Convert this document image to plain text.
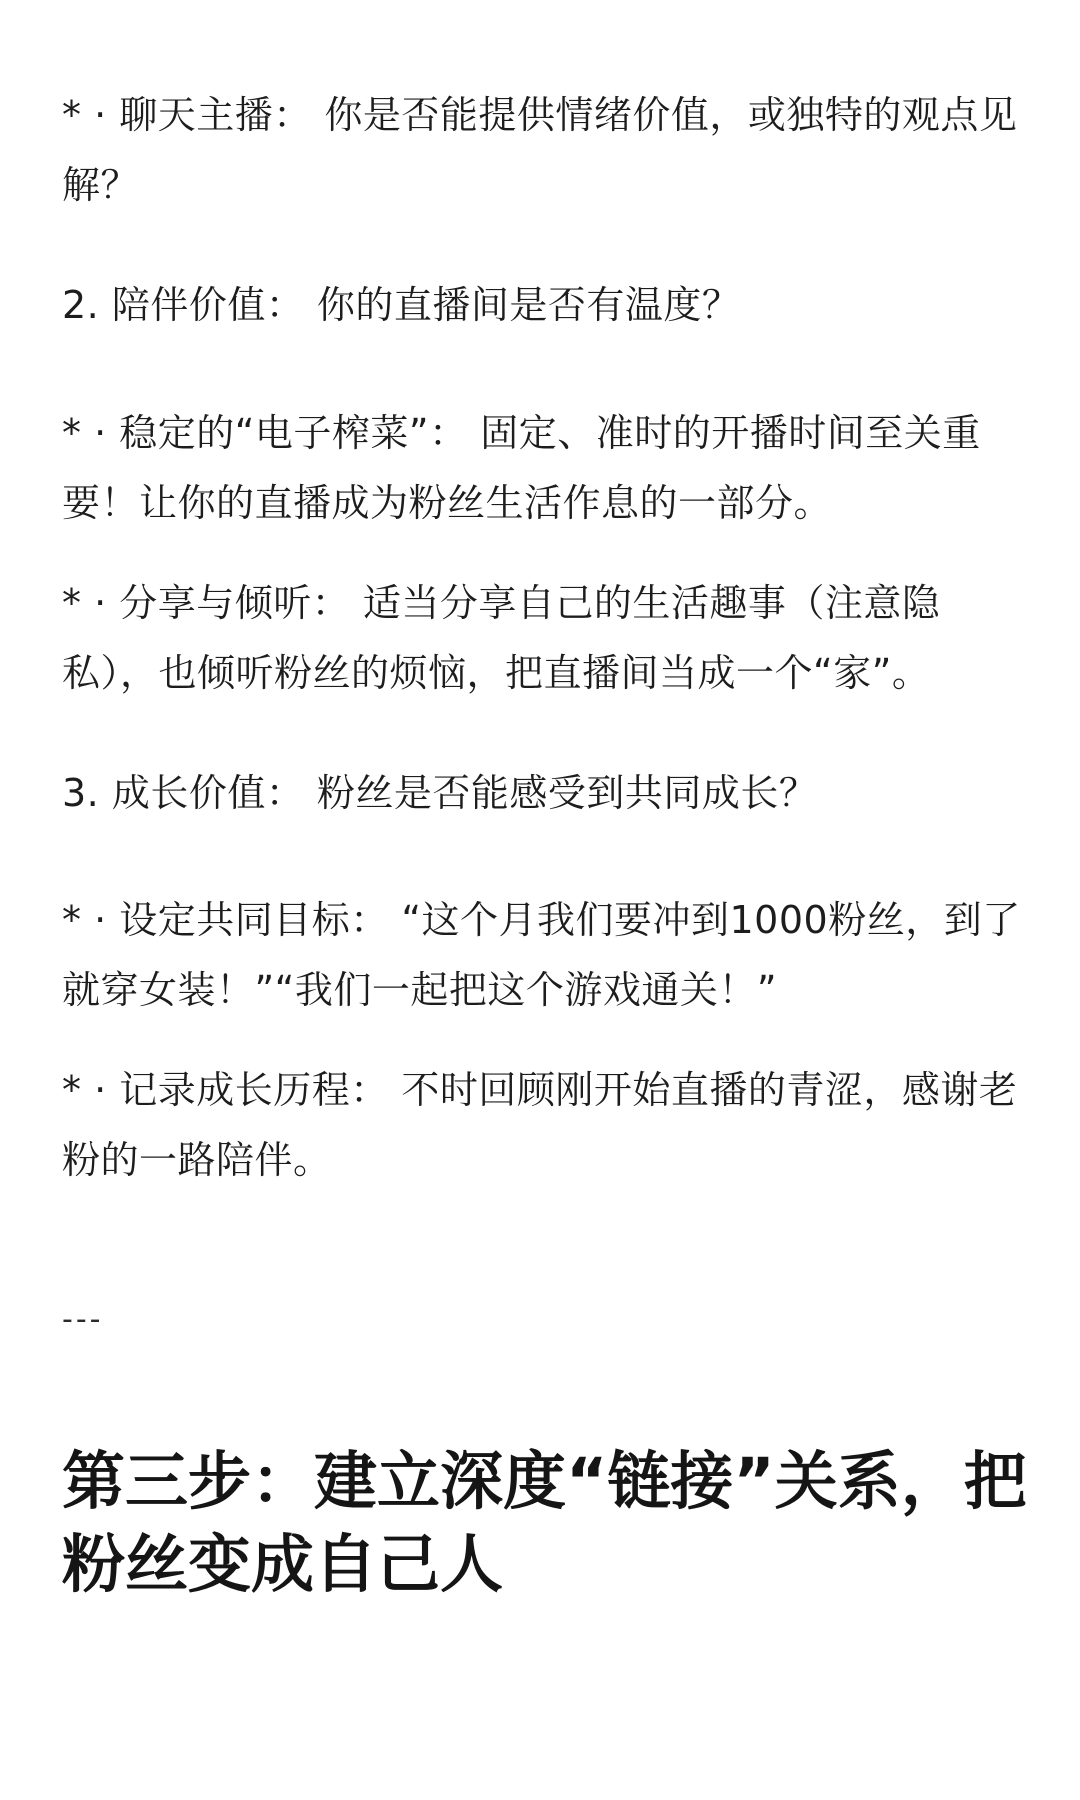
* · 聊天主播： 你是否能提供情绪价值，或独特的观点见解？

2. 陪伴价值： 你的直播间是否有温度？

* · 稳定的“电子榨菜”： 固定、准时的开播时间至关重要！让你的直播成为粉丝生活作息的一部分。

* · 分享与倾听： 适当分享自己的生活趣事（注意隐私），也倾听粉丝的烦恼，把直播间当成一个“家”。

3. 成长价值： 粉丝是否能感受到共同成长？

* · 设定共同目标： “这个月我们要冲到1000粉丝，到了就穿女装！”“我们一起把这个游戏通关！”

* · 记录成长历程： 不时回顾刚开始直播的青涩，感谢老粉的一路陪伴。

---
第三步：建立深度“链接”关系，把粉丝变成自己人
